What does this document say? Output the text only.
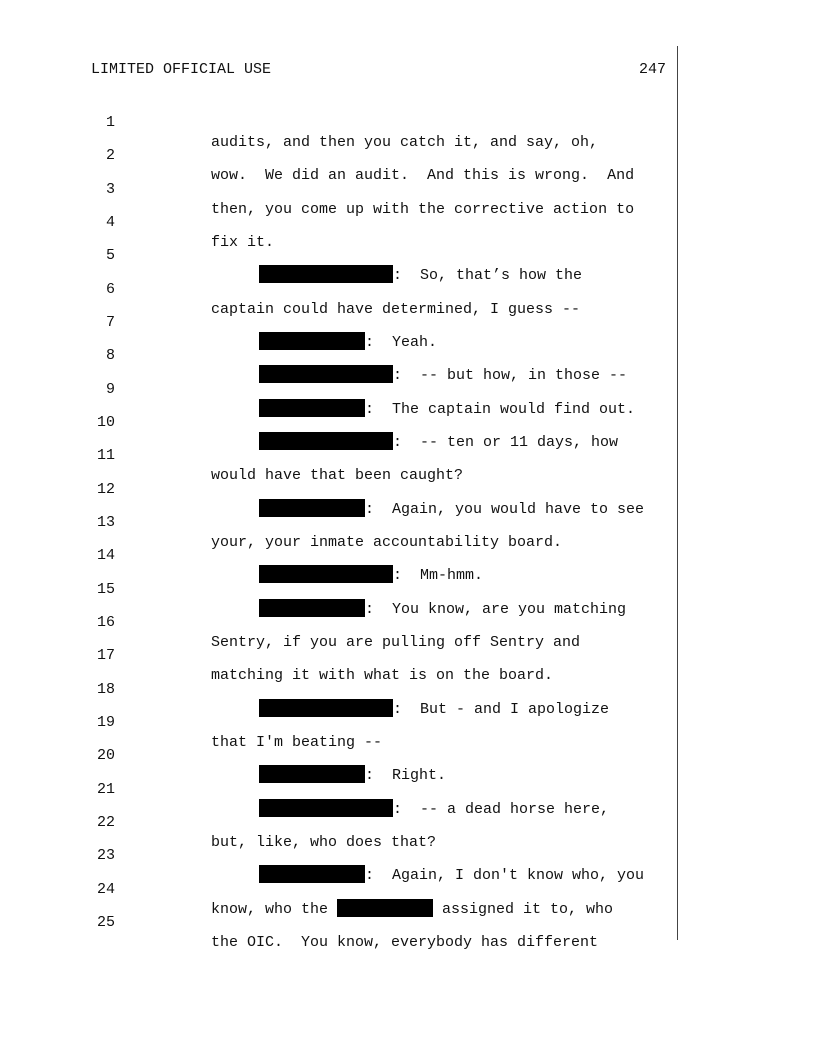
LIMITED OFFICIAL USE	247

1

audits, and then you catch it, and say, oh,

2

wow.  We did an audit.  And this is wrong.  And

3

then, you come up with the corrective action to

4

fix it.

5

:  So, that’s how the

6

captain could have determined, I guess --

7

:  Yeah.

8

:  -- but how, in those --

9

:  The captain would find out.

10

:  -- ten or 11 days, how

11

would have that been caught?

12

:  Again, you would have to see

13

your, your inmate accountability board.

14

:  Mm-hmm.

15

:  You know, are you matching

16

Sentry, if you are pulling off Sentry and

17

matching it with what is on the board.

18

:  But - and I apologize

19

that I'm beating --

20

:  Right.

21

:  -- a dead horse here,

22

but, like, who does that?

23

:  Again, I don't know who, you

24

know, who the	assigned it to, who

25

the OIC.  You know, everybody has different
